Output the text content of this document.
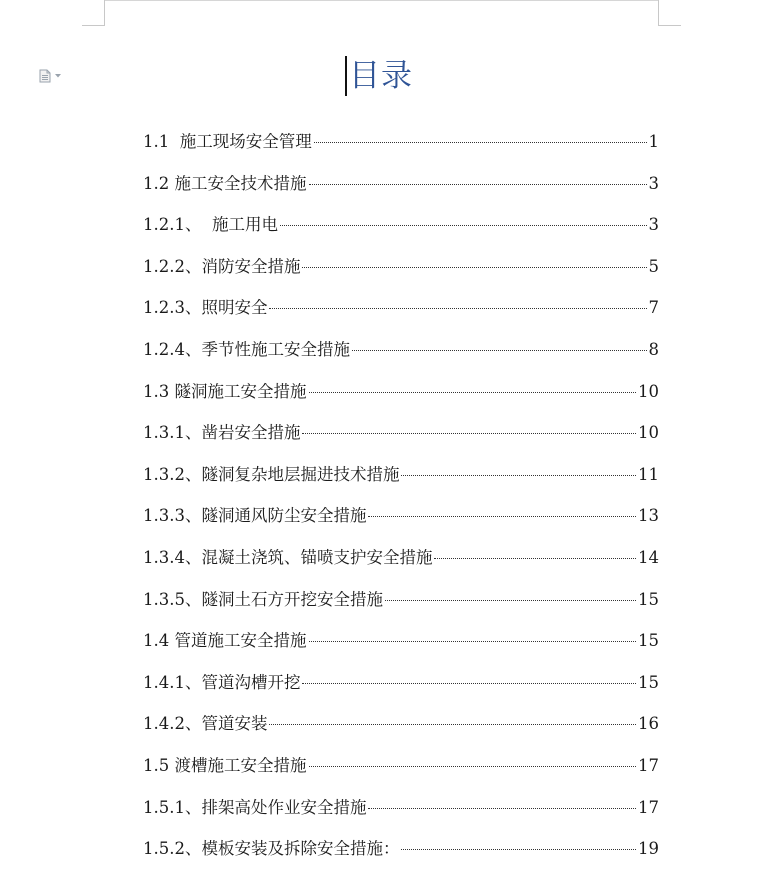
目录
1.1  施工现场安全管理	1
1.2 施工安全技术措施	3
1.2.1、  施工用电	3
1.2.2、消防安全措施	5
1.2.3、照明安全	7
1.2.4、季节性施工安全措施	8
1.3 隧洞施工安全措施	10
1.3.1、凿岩安全措施	10
1.3.2、隧洞复杂地层掘进技术措施	11
1.3.3、隧洞通风防尘安全措施	13
1.3.4、混凝土浇筑、锚喷支护安全措施	14
1.3.5、隧洞土石方开挖安全措施	15
1.4 管道施工安全措施	15
1.4.1、管道沟槽开挖	15
1.4.2、管道安装	16
1.5 渡槽施工安全措施	17
1.5.1、排架高处作业安全措施	17
1.5.2、模板安装及拆除安全措施：	19
